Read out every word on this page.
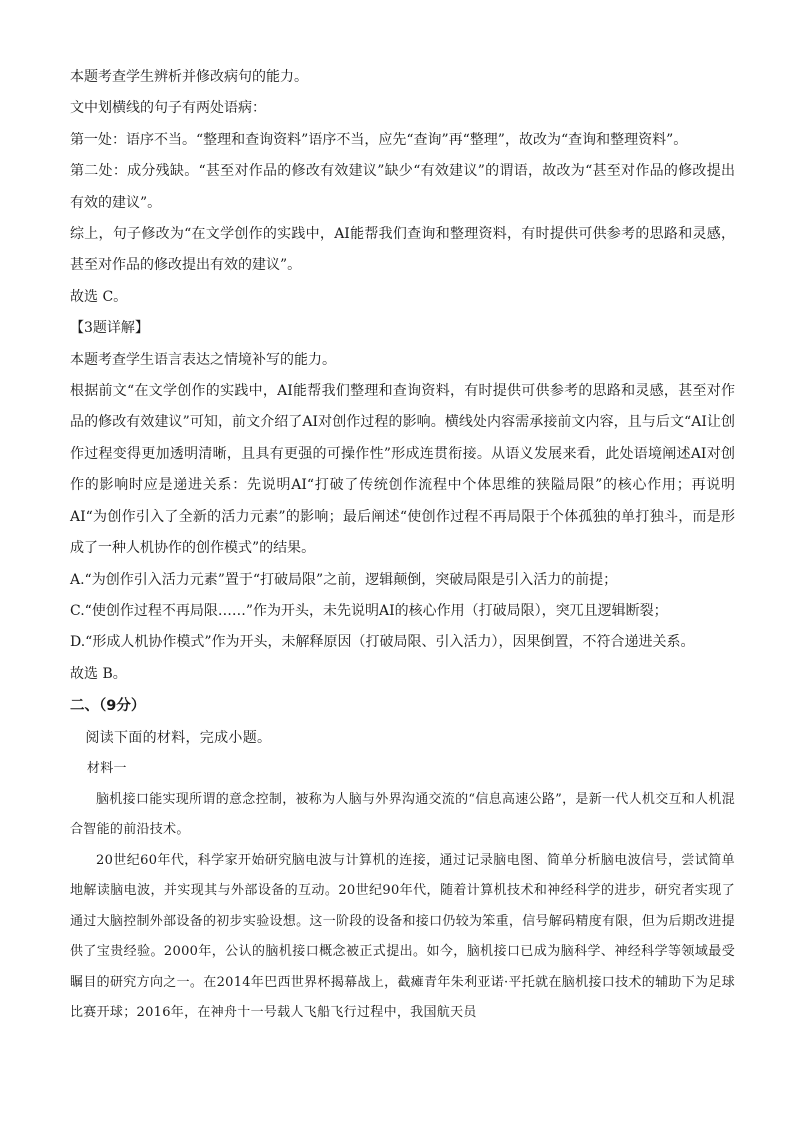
本题考查学生辨析并修改病句的能力。

文中划横线的句子有两处语病：

第一处：语序不当。“整理和查询资料”语序不当，应先“查询”再“整理”，故改为“查询和整理资料”。

第二处：成分残缺。“甚至对作品的修改有效建议”缺少“有效建议”的谓语，故改为“甚至对作品的修改提出有效的建议”。

综上，句子修改为“在文学创作的实践中，AI能帮我们查询和整理资料，有时提供可供参考的思路和灵感，甚至对作品的修改提出有效的建议”。

故选 C。

【3题详解】

本题考查学生语言表达之情境补写的能力。

根据前文“在文学创作的实践中，AI能帮我们整理和查询资料，有时提供可供参考的思路和灵感，甚至对作品的修改有效建议”可知，前文介绍了AI对创作过程的影响。横线处内容需承接前文内容，且与后文“AI让创作过程变得更加透明清晰，且具有更强的可操作性”形成连贯衔接。从语义发展来看，此处语境阐述AI对创作的影响时应是递进关系：先说明AI“打破了传统创作流程中个体思维的狭隘局限”的核心作用；再说明AI“为创作引入了全新的活力元素”的影响；最后阐述“使创作过程不再局限于个体孤独的单打独斗，而是形成了一种人机协作的创作模式”的结果。

A.“为创作引入活力元素”置于“打破局限”之前，逻辑颠倒，突破局限是引入活力的前提；

C.“使创作过程不再局限……”作为开头，未先说明AI的核心作用（打破局限），突兀且逻辑断裂；

D.“形成人机协作模式”作为开头，未解释原因（打破局限、引入活力），因果倒置，不符合递进关系。

故选 B。

二、（9分）

阅读下面的材料，完成小题。

材料一

脑机接口能实现所谓的意念控制，被称为人脑与外界沟通交流的“信息高速公路”，是新一代人机交互和人机混合智能的前沿技术。

20世纪60年代，科学家开始研究脑电波与计算机的连接，通过记录脑电图、简单分析脑电波信号，尝试简单地解读脑电波，并实现其与外部设备的互动。20世纪90年代，随着计算机技术和神经科学的进步，研究者实现了通过大脑控制外部设备的初步实验设想。这一阶段的设备和接口仍较为笨重，信号解码精度有限，但为后期改进提供了宝贵经验。2000年，公认的脑机接口概念被正式提出。如今，脑机接口已成为脑科学、神经科学等领域最受瞩目的研究方向之一。在2014年巴西世界杯揭幕战上，截瘫青年朱利亚诺·平托就在脑机接口技术的辅助下为足球比赛开球；2016年，在神舟十一号载人飞船飞行过程中，我国航天员
